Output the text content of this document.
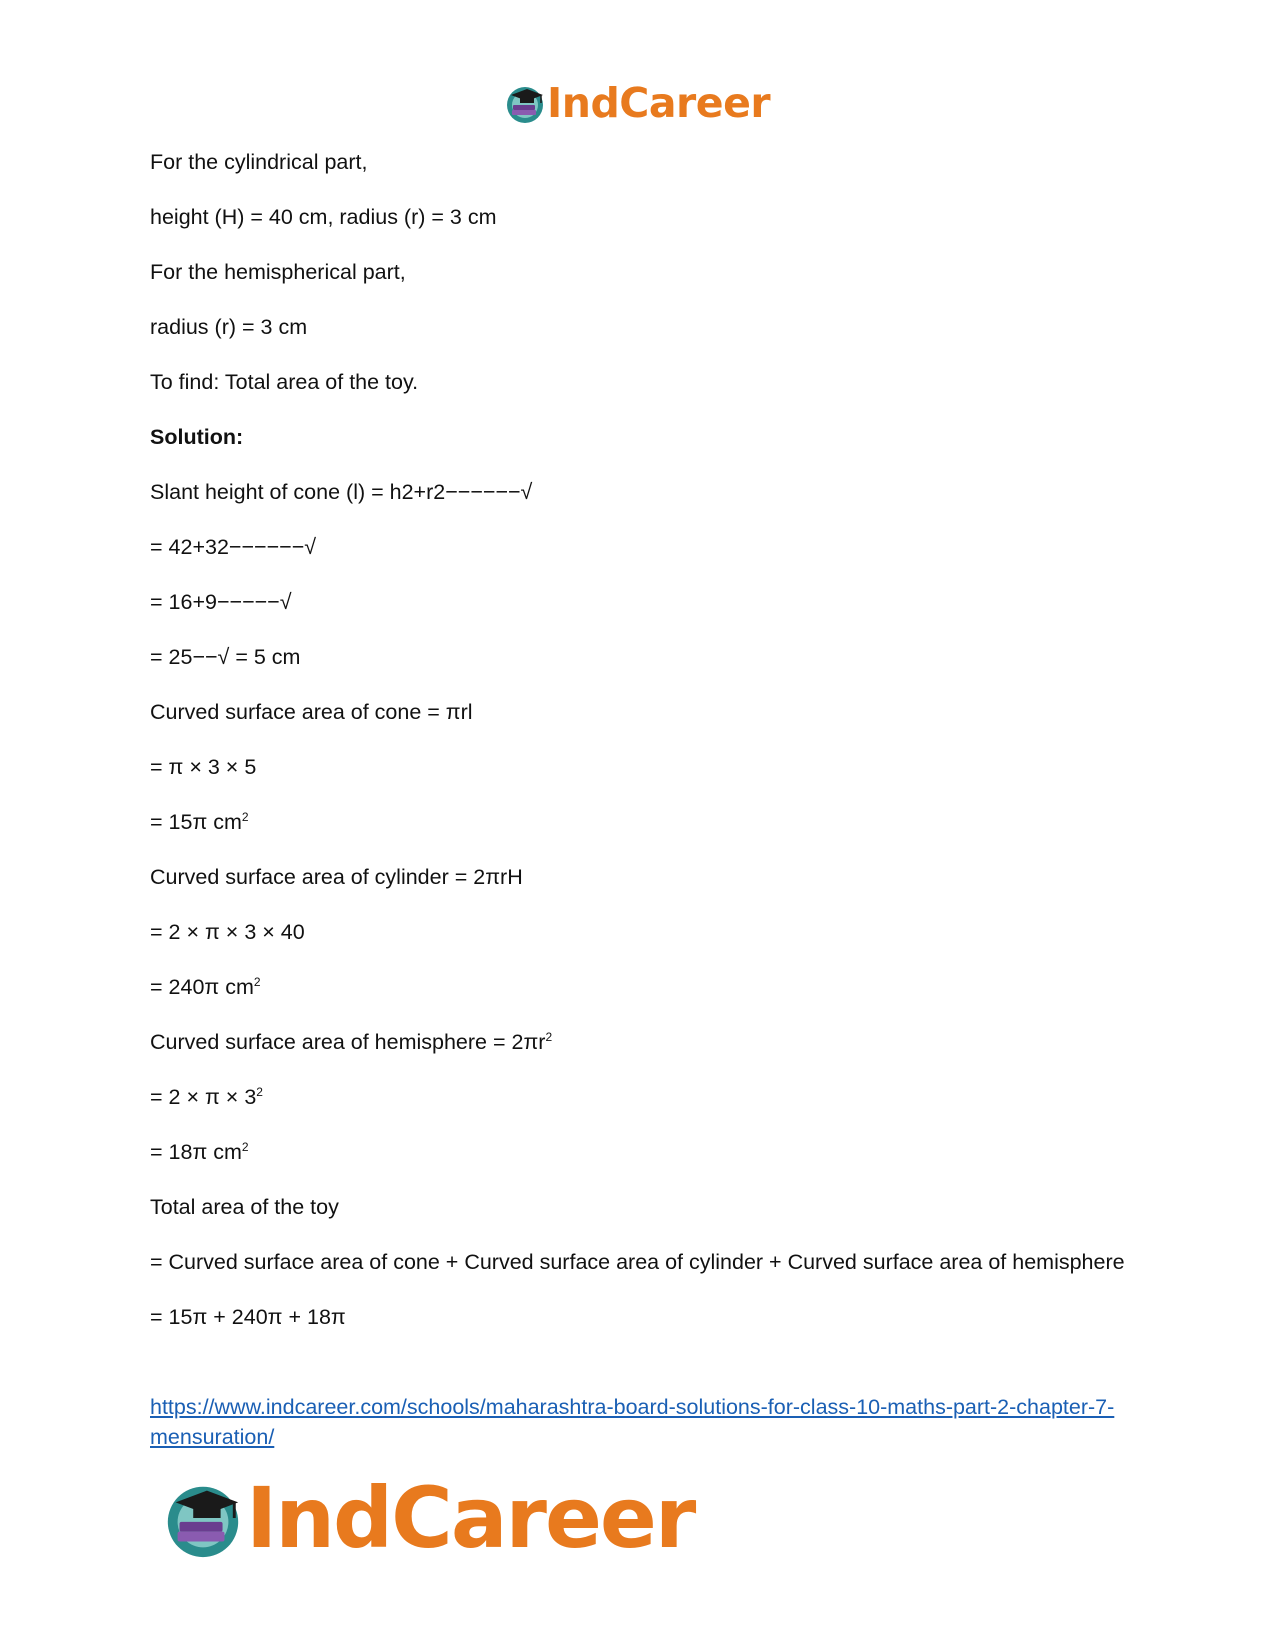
IndCareer

For the cylindrical part,

height (H) = 40 cm, radius (r) = 3 cm

For the hemispherical part,

radius (r) = 3 cm

To find: Total area of the toy.

Solution:

Slant height of cone (l) = h2+r2−−−−−−√

= 42+32−−−−−−√

= 16+9−−−−−√

= 25−−√ = 5 cm

Curved surface area of cone = πrl

= π × 3 × 5

= 15π $cm^2$

Curved surface area of cylinder = 2πrH

= 2 × π × 3 × 40

= 240π $cm^2$

Curved surface area of hemisphere = $2\pi r^2$

= $2 \times \pi \times 3^2$

= 18π $cm^2$

Total area of the toy

= Curved surface area of cone + Curved surface area of cylinder + Curved surface area of hemisphere

= 15π + 240π + 18π

https://www.indcareer.com/schools/maharashtra-board-solutions-for-class-10-maths-part-2-chapter-7-mensuration/
IndCareer
